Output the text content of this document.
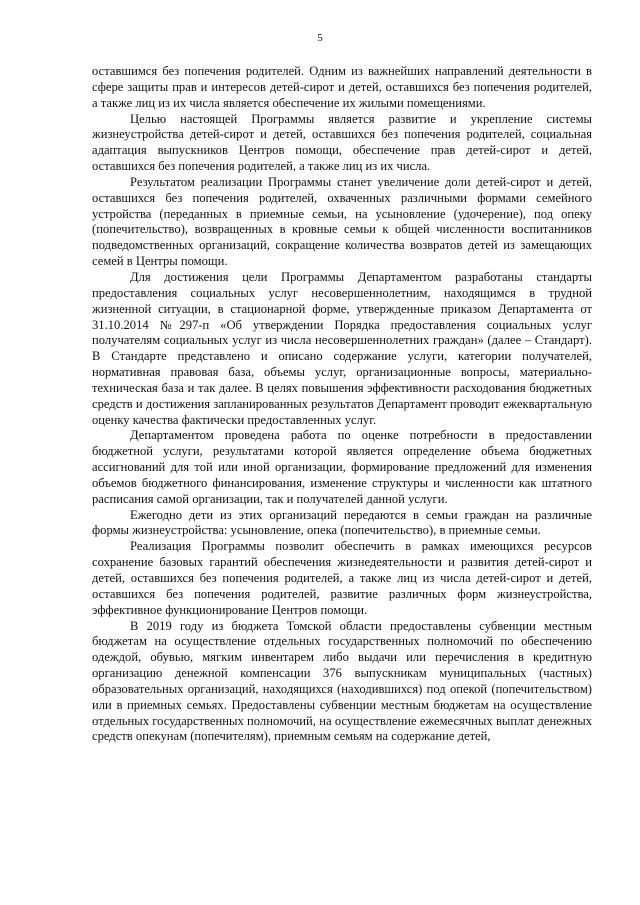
5

оставшимся без попечения родителей. Одним из важнейших направлений деятельности в сфере защиты прав и интересов детей-сирот и детей, оставшихся без попечения родителей, а также лиц из их числа является обеспечение их жилыми помещениями.

Целью настоящей Программы является развитие и укрепление системы жизнеустройства детей-сирот и детей, оставшихся без попечения родителей, социальная адаптация выпускников Центров помощи, обеспечение прав детей-сирот и детей, оставшихся без попечения родителей, а также лиц из их числа.

Результатом реализации Программы станет увеличение доли детей-сирот и детей, оставшихся без попечения родителей, охваченных различными формами семейного устройства (переданных в приемные семьи, на усыновление (удочерение), под опеку (попечительство), возвращенных в кровные семьи к общей численности воспитанников подведомственных организаций, сокращение количества возвратов детей из замещающих семей в Центры помощи.

Для достижения цели Программы Департаментом разработаны стандарты предоставления социальных услуг несовершеннолетним, находящимся в трудной жизненной ситуации, в стационарной форме, утвержденные приказом Департамента от 31.10.2014 №297-п «Об утверждении Порядка предоставления социальных услуг получателям социальных услуг из числа несовершеннолетних граждан» (далее – Стандарт). В Стандарте представлено и описано содержание услуги, категории получателей, нормативная правовая база, объемы услуг, организационные вопросы, материально-техническая база и так далее. В целях повышения эффективности расходования бюджетных средств и достижения запланированных результатов Департамент проводит ежеквартальную оценку качества фактически предоставленных услуг.

Департаментом проведена работа по оценке потребности в предоставлении бюджетной услуги, результатами которой является определение объема бюджетных ассигнований для той или иной организации, формирование предложений для изменения объемов бюджетного финансирования, изменение структуры и численности как штатного расписания самой организации, так и получателей данной услуги.

Ежегодно дети из этих организаций передаются в семьи граждан на различные формы жизнеустройства: усыновление, опека (попечительство), в приемные семьи.

Реализация Программы позволит обеспечить в рамках имеющихся ресурсов сохранение базовых гарантий обеспечения жизнедеятельности и развития детей-сирот и детей, оставшихся без попечения родителей, а также лиц из числа детей-сирот и детей, оставшихся без попечения родителей, развитие различных форм жизнеустройства, эффективное функционирование Центров помощи.

В 2019 году из бюджета Томской области предоставлены субвенции местным бюджетам на осуществление отдельных государственных полномочий по обеспечению одеждой, обувью, мягким инвентарем либо выдачи или перечисления в кредитную организацию денежной компенсации 376 выпускникам муниципальных (частных) образовательных организаций, находящихся (находившихся) под опекой (попечительством) или в приемных семьях. Предоставлены субвенции местным бюджетам на осуществление отдельных государственных полномочий, на осуществление ежемесячных выплат денежных средств опекунам (попечителям), приемным семьям на содержание детей,
